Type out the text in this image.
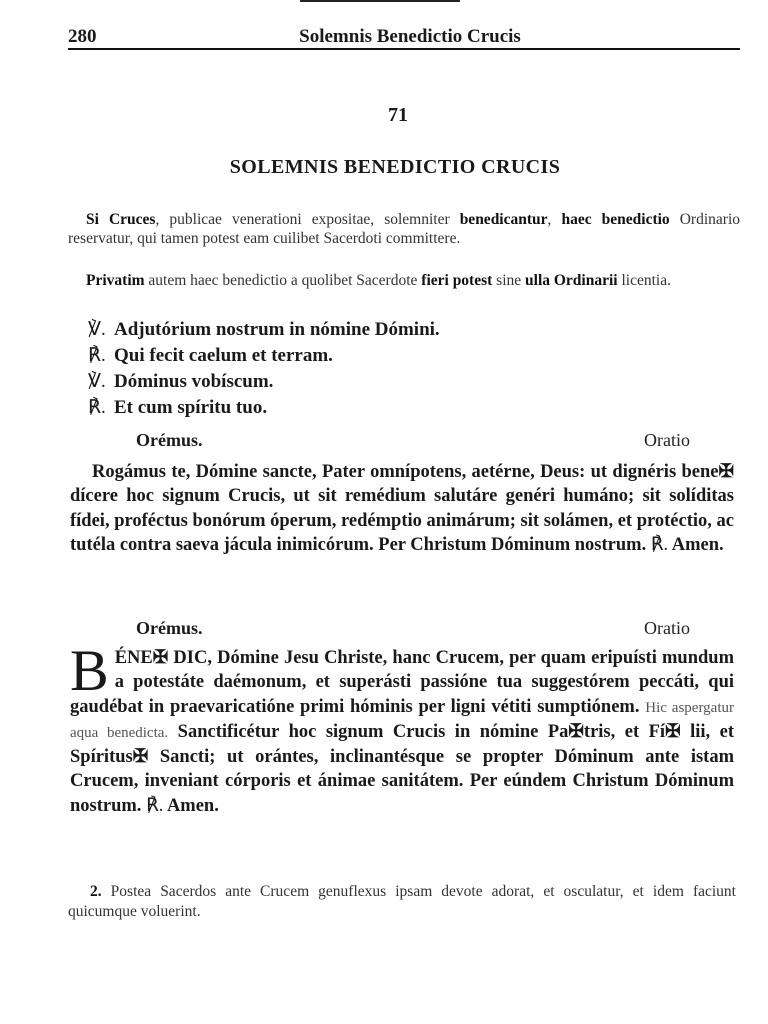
280	Solemnis Benedictio Crucis
71
SOLEMNIS BENEDICTIO CRUCIS
Si Cruces, publicae venerationi expositae, solemniter benedicantur, haec benedictio Ordinario reservatur, qui tamen potest eam cuilibet Sacerdoti committere.
Privatim autem haec benedictio a quolibet Sacerdote fieri potest sine ulla Ordinarii licentia.
℣. Adjutórium nostrum in nómine Dómini.
℟. Qui fecit caelum et terram.
℣. Dóminus vobíscum.
℟. Et cum spíritu tuo.
Orémus.	Oratio
Rogámus te, Dómine sancte, Pater omnípotens, aetérne, Deus: ut dignéris bene✠ dícere hoc signum Crucis, ut sit remédium salutáre genéri humáno; sit solíditas fídei, proféctus bonórum óperum, redémptio animárum; sit solámen, et protéctio, ac tutéla contra saeva jácula inimicórum. Per Christum Dóminum nostrum. ℟. Amen.
Orémus.	Oratio
BÉNE✠ DIC, Dómine Jesu Christe, hanc Crucem, per quam eripuísti mundum a potestáte daémonum, et superásti passióne tua suggestórem peccáti, qui gaudébat in praevaricatióne primi hóminis per ligni vétiti sumptiónem. Hic aspergatur aqua benedicta. Sanctificétur hoc signum Crucis in nómine Pa✠tris, et Fí✠ lii, et Spíritus✠ Sancti; ut orántes, inclinantésque se propter Dóminum ante istam Crucem, inveniant córporis et ánimae sanitátem. Per eúndem Christum Dóminum nostrum. ℟. Amen.
2. Postea Sacerdos ante Crucem genuflexus ipsam devote adorat, et osculatur, et idem faciunt quicumque voluerint.
